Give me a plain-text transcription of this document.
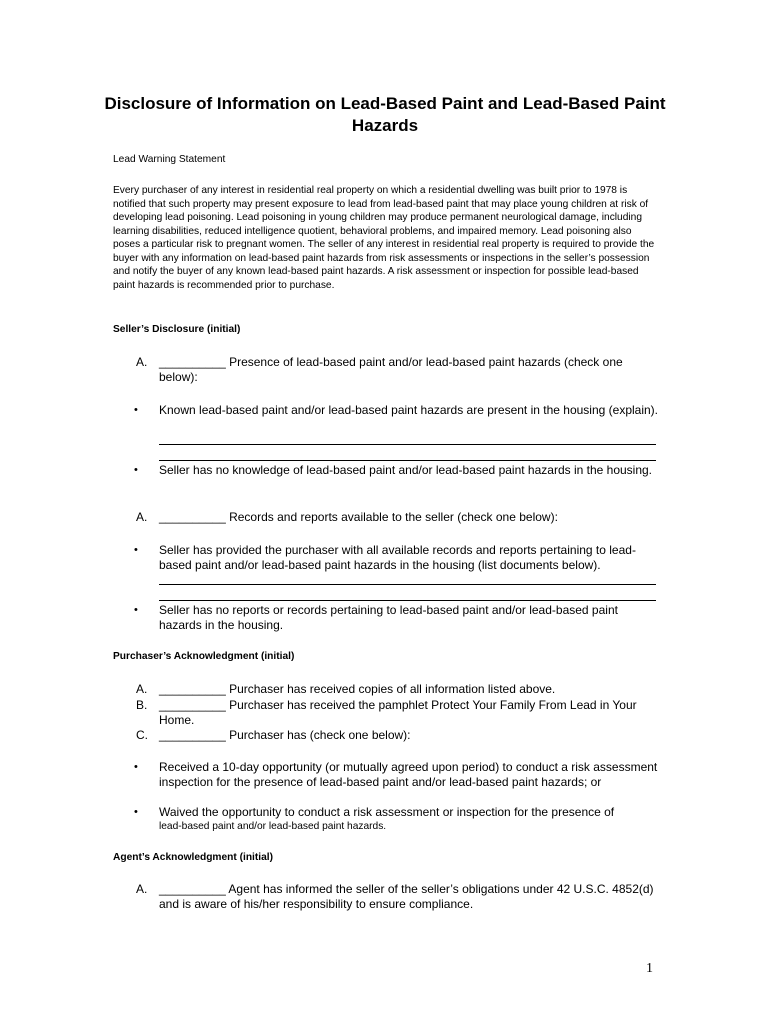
Disclosure of Information on Lead-Based Paint and Lead-Based Paint Hazards
Lead Warning Statement
Every purchaser of any interest in residential real property on which a residential dwelling was built prior to 1978 is notified that such property may present exposure to lead from lead-based paint that may place young children at risk of developing lead poisoning. Lead poisoning in young children may produce permanent neurological damage, including learning disabilities, reduced intelligence quotient, behavioral problems, and impaired memory. Lead poisoning also poses a particular risk to pregnant women. The seller of any interest in residential real property is required to provide the buyer with any information on lead-based paint hazards from risk assessments or inspections in the seller’s possession and notify the buyer of any known lead-based paint hazards. A risk assessment or inspection for possible lead-based paint hazards is recommended prior to purchase.
Seller’s Disclosure (initial)
A. __________ Presence of lead-based paint and/or lead-based paint hazards (check one below):
• Known lead-based paint and/or lead-based paint hazards are present in the housing (explain).
• Seller has no knowledge of lead-based paint and/or lead-based paint hazards in the housing.
A. __________ Records and reports available to the seller (check one below):
• Seller has provided the purchaser with all available records and reports pertaining to lead-based paint and/or lead-based paint hazards in the housing (list documents below).
• Seller has no reports or records pertaining to lead-based paint and/or lead-based paint hazards in the housing.
Purchaser’s Acknowledgment (initial)
A. __________ Purchaser has received copies of all information listed above.
B. __________ Purchaser has received the pamphlet Protect Your Family From Lead in Your Home.
C. __________ Purchaser has (check one below):
• Received a 10-day opportunity (or mutually agreed upon period) to conduct a risk assessment inspection for the presence of lead-based paint and/or lead-based paint hazards; or
• Waived the opportunity to conduct a risk assessment or inspection for the presence of
lead-based paint and/or lead-based paint hazards.
Agent’s Acknowledgment (initial)
A. __________ Agent has informed the seller of the seller’s obligations under 42 U.S.C. 4852(d) and is aware of his/her responsibility to ensure compliance.
1
